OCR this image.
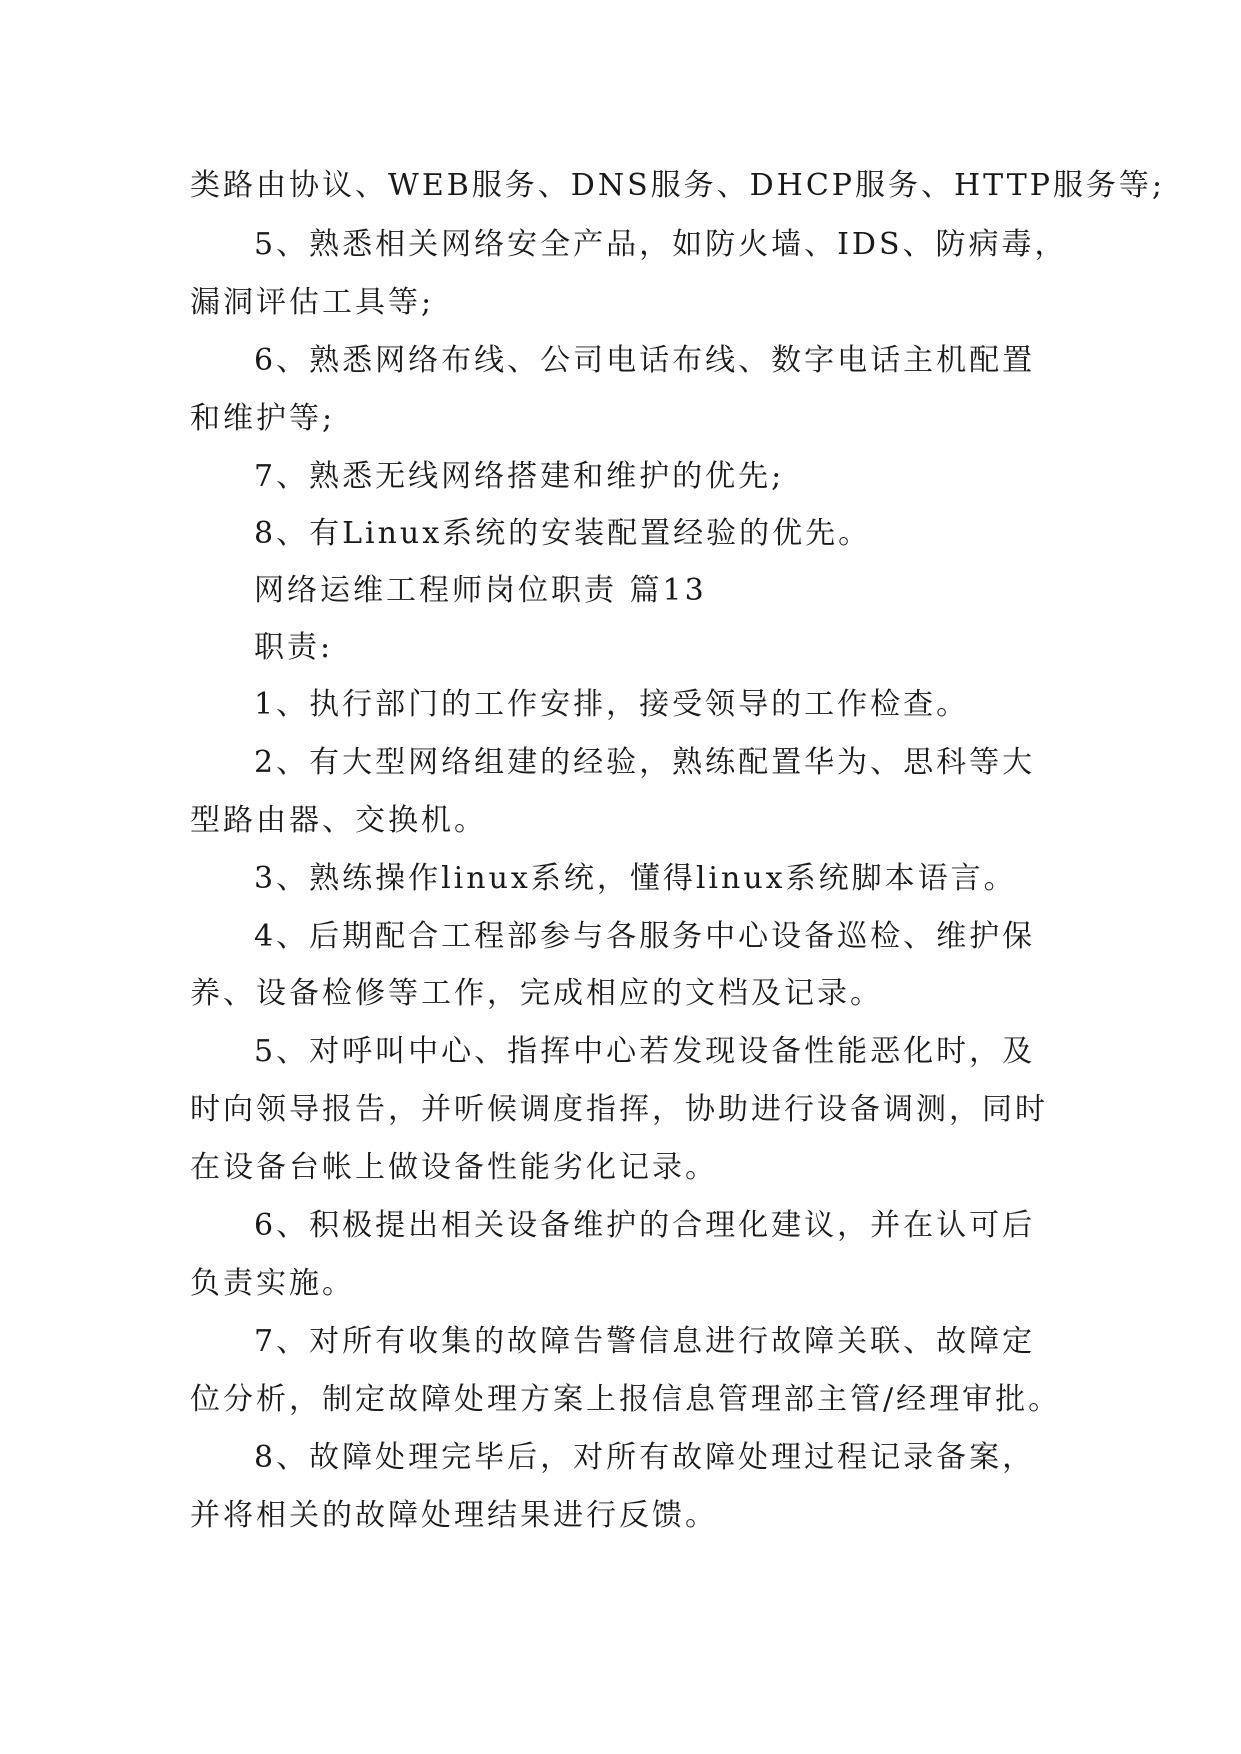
类路由协议、WEB服务、DNS服务、DHCP服务、HTTP服务等;
5、熟悉相关网络安全产品，如防火墙、IDS、防病毒，
漏洞评估工具等;
6、熟悉网络布线、公司电话布线、数字电话主机配置
和维护等;
7、熟悉无线网络搭建和维护的优先;
8、有Linux系统的安装配置经验的优先。
网络运维工程师岗位职责 篇13
职责:
1、执行部门的工作安排，接受领导的工作检查。
2、有大型网络组建的经验，熟练配置华为、思科等大
型路由器、交换机。
3、熟练操作linux系统，懂得linux系统脚本语言。
4、后期配合工程部参与各服务中心设备巡检、维护保
养、设备检修等工作，完成相应的文档及记录。
5、对呼叫中心、指挥中心若发现设备性能恶化时，及
时向领导报告，并听候调度指挥，协助进行设备调测，同时
在设备台帐上做设备性能劣化记录。
6、积极提出相关设备维护的合理化建议，并在认可后
负责实施。
7、对所有收集的故障告警信息进行故障关联、故障定
位分析，制定故障处理方案上报信息管理部主管/经理审批。
8、故障处理完毕后，对所有故障处理过程记录备案，
并将相关的故障处理结果进行反馈。
